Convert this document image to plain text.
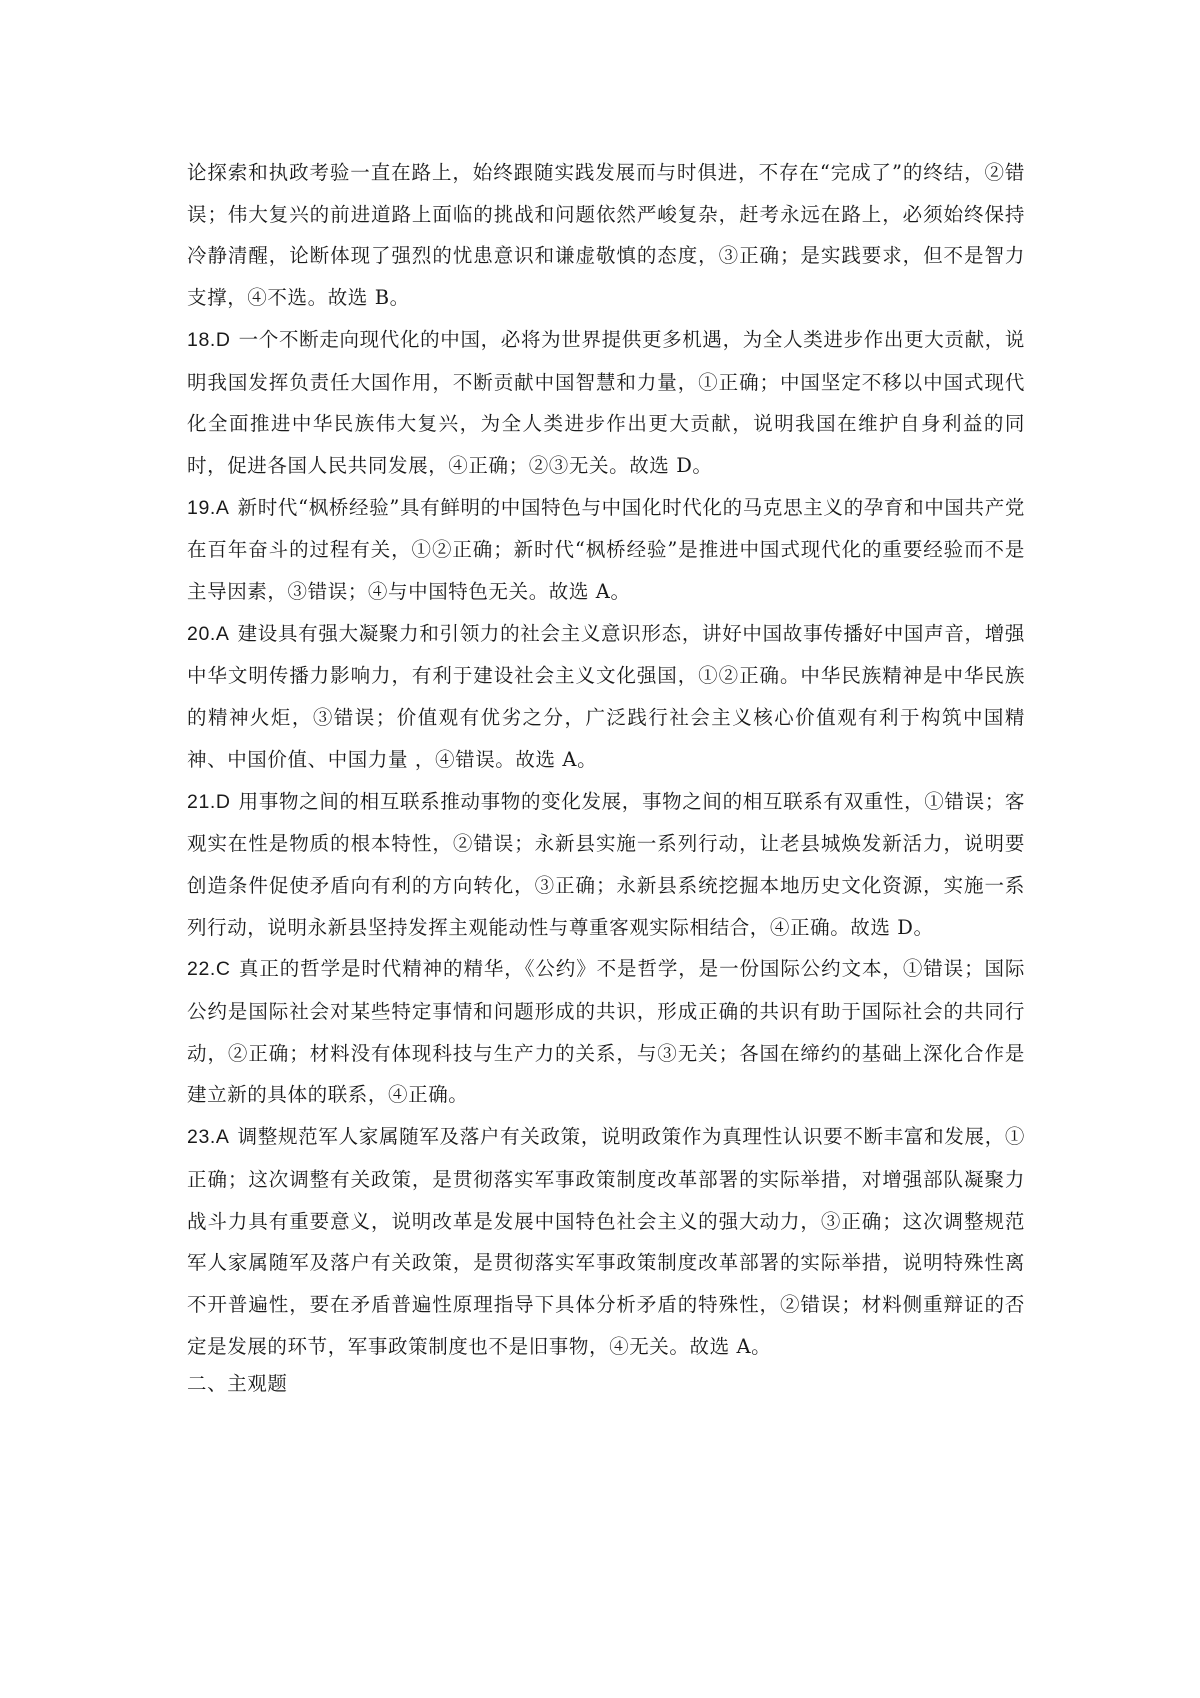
论探索和执政考验一直在路上，始终跟随实践发展而与时俱进，不存在“完成了”的终结，②错误；伟大复兴的前进道路上面临的挑战和问题依然严峻复杂，赶考永远在路上，必须始终保持冷静清醒，论断体现了强烈的忧患意识和谦虚敬慎的态度，③正确；是实践要求，但不是智力支撑，④不选。故选 B。

18.D 一个不断走向现代化的中国，必将为世界提供更多机遇，为全人类进步作出更大贡献，说明我国发挥负责任大国作用，不断贡献中国智慧和力量，①正确；中国坚定不移以中国式现代化全面推进中华民族伟大复兴，为全人类进步作出更大贡献，说明我国在维护自身利益的同时，促进各国人民共同发展，④正确；②③无关。故选 D。

19.A 新时代“枫桥经验”具有鲜明的中国特色与中国化时代化的马克思主义的孕育和中国共产党在百年奋斗的过程有关，①②正确；新时代“枫桥经验”是推进中国式现代化的重要经验而不是主导因素，③错误；④与中国特色无关。故选 A。

20.A 建设具有强大凝聚力和引领力的社会主义意识形态，讲好中国故事传播好中国声音，增强中华文明传播力影响力，有利于建设社会主义文化强国，①②正确。中华民族精神是中华民族的精神火炬，③错误；价值观有优劣之分，广泛践行社会主义核心价值观有利于构筑中国精神、中国价值、中国力量 ，④错误。故选 A。

21.D 用事物之间的相互联系推动事物的变化发展，事物之间的相互联系有双重性，①错误；客观实在性是物质的根本特性，②错误；永新县实施一系列行动，让老县城焕发新活力，说明要创造条件促使矛盾向有利的方向转化，③正确；永新县系统挖掘本地历史文化资源，实施一系列行动，说明永新县坚持发挥主观能动性与尊重客观实际相结合，④正确。故选 D。

22.C 真正的哲学是时代精神的精华，《公约》不是哲学，是一份国际公约文本，①错误；国际公约是国际社会对某些特定事情和问题形成的共识，形成正确的共识有助于国际社会的共同行动，②正确；材料没有体现科技与生产力的关系，与③无关；各国在缔约的基础上深化合作是建立新的具体的联系，④正确。

23.A 调整规范军人家属随军及落户有关政策，说明政策作为真理性认识要不断丰富和发展，①正确；这次调整有关政策，是贯彻落实军事政策制度改革部署的实际举措，对增强部队凝聚力战斗力具有重要意义，说明改革是发展中国特色社会主义的强大动力，③正确；这次调整规范军人家属随军及落户有关政策，是贯彻落实军事政策制度改革部署的实际举措，说明特殊性离不开普遍性，要在矛盾普遍性原理指导下具体分析矛盾的特殊性，②错误；材料侧重辩证的否定是发展的环节，军事政策制度也不是旧事物，④无关。故选 A。

二、主观题
